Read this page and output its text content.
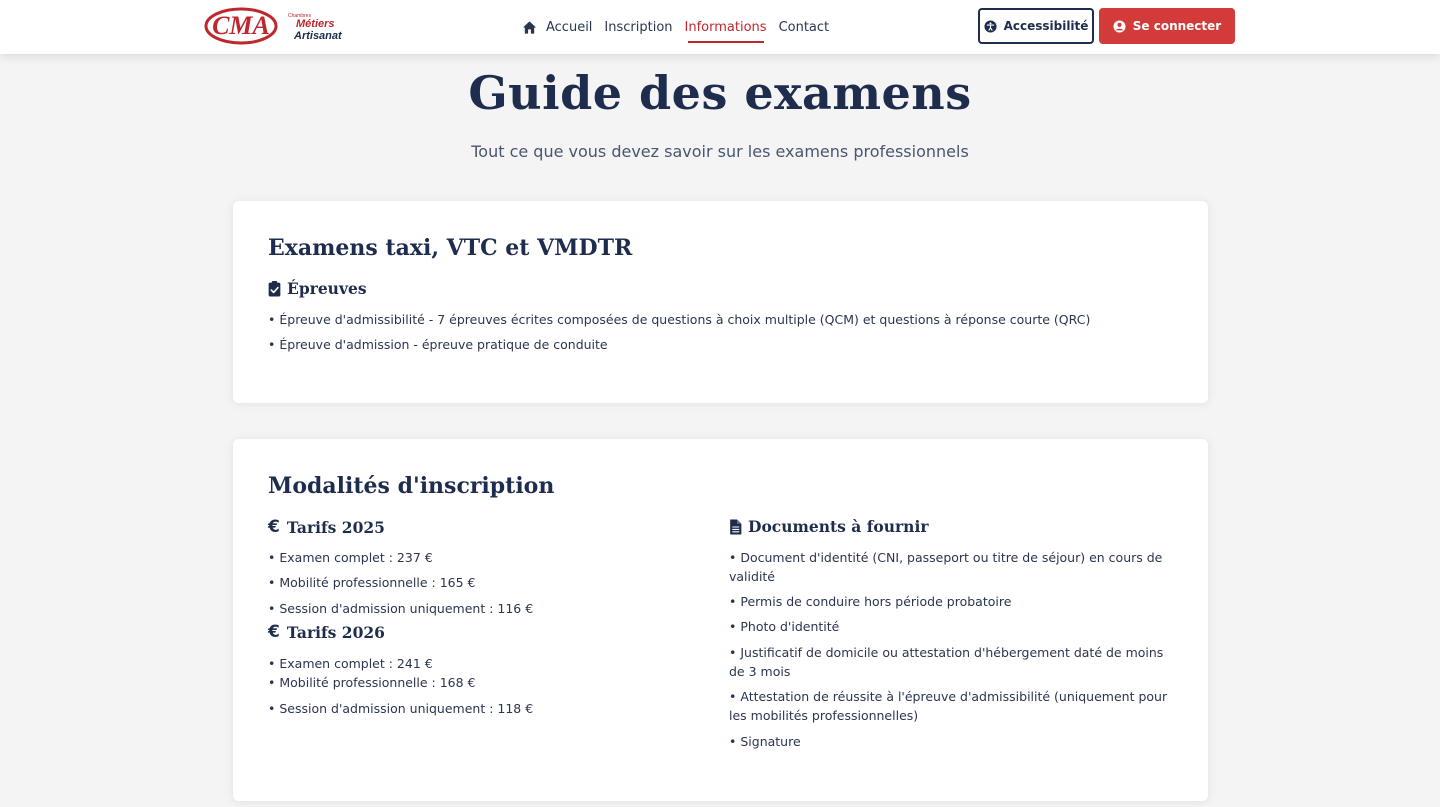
CMA	Chambres
Métiers
Artisanat
Accueil Inscription Informations Contact	Accessibilité	Se connecter
Guide des examens

Tout ce que vous devez savoir sur les examens professionnels

Examens taxi, VTC et VMDTR
Épreuves
• Épreuve d'admissibilité - 7 épreuves écrites composées de questions à choix multiple (QCM) et questions à réponse courte (QRC)
• Épreuve d'admission - épreuve pratique de conduite
Modalités d'inscription
€ Tarifs 2025
• Examen complet : 237 €
• Mobilité professionnelle : 165 €
• Session d'admission uniquement : 116 €
€ Tarifs 2026
• Examen complet : 241 €
• Mobilité professionnelle : 168 €
• Session d'admission uniquement : 118 €
Documents à fournir
• Document d'identité (CNI, passeport ou titre de séjour) en cours de validité
• Permis de conduire hors période probatoire
• Photo d'identité
• Justificatif de domicile ou attestation d'hébergement daté de moins de 3 mois
• Attestation de réussite à l'épreuve d'admissibilité (uniquement pour les mobilités professionnelles)
• Signature
